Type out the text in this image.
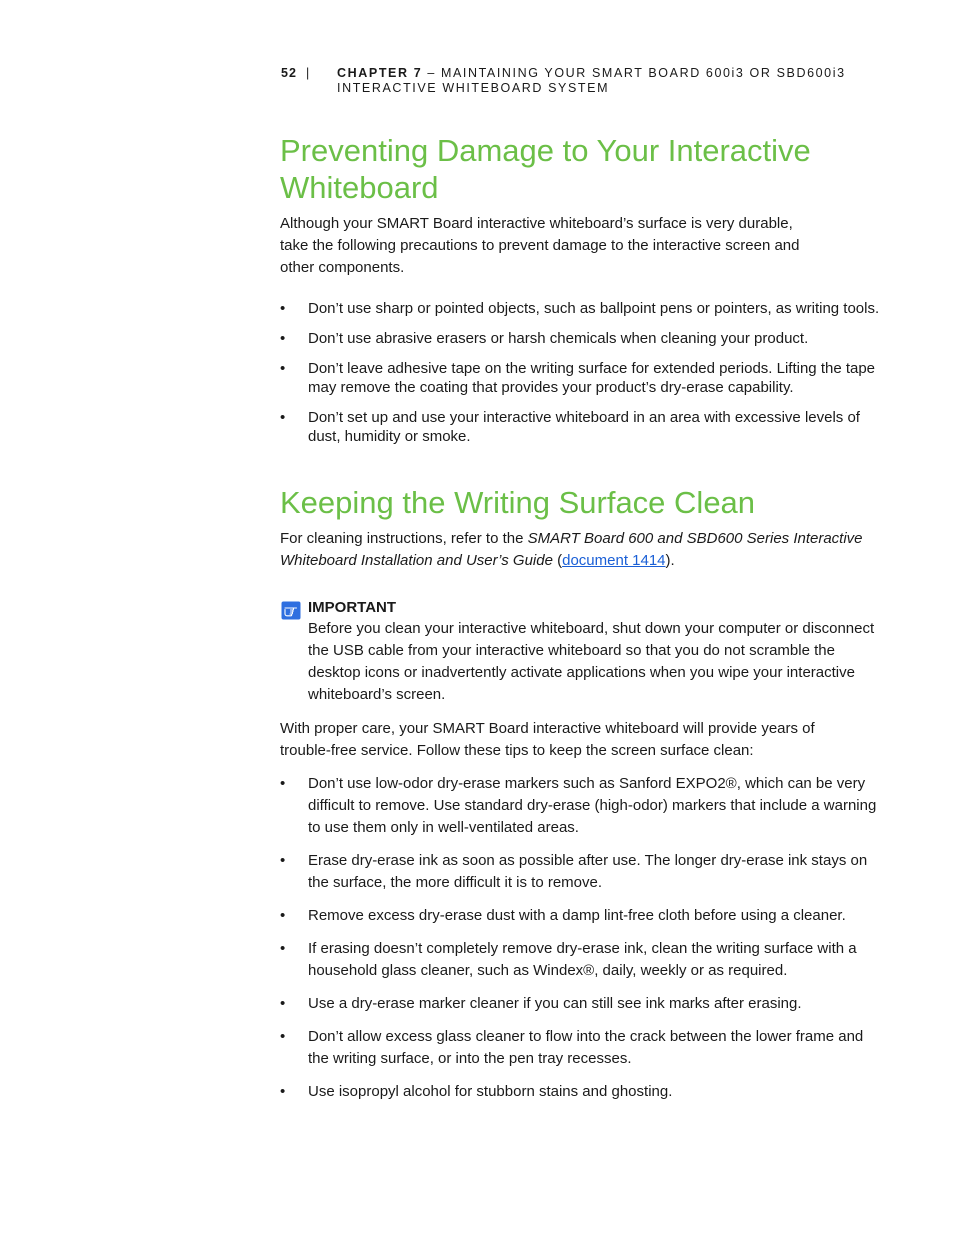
52 | CHAPTER 7 – MAINTAINING YOUR SMART BOARD 600i3 OR SBD600i3
INTERACTIVE WHITEBOARD SYSTEM
Preventing Damage to Your Interactive Whiteboard

Although your SMART Board interactive whiteboard’s surface is very durable, take the following precautions to prevent damage to the interactive screen and other components.

• Don’t use sharp or pointed objects, such as ballpoint pens or pointers, as writing tools.
• Don’t use abrasive erasers or harsh chemicals when cleaning your product.
• Don’t leave adhesive tape on the writing surface for extended periods. Lifting the tape may remove the coating that provides your product’s dry-erase capability.
• Don’t set up and use your interactive whiteboard in an area with excessive levels of dust, humidity or smoke.
Keeping the Writing Surface Clean

For cleaning instructions, refer to the SMART Board 600 and SBD600 Series Interactive Whiteboard Installation and User’s Guide (document 1414).

IMPORTANT

Before you clean your interactive whiteboard, shut down your computer or disconnect the USB cable from your interactive whiteboard so that you do not scramble the desktop icons or inadvertently activate applications when you wipe your interactive whiteboard’s screen.

With proper care, your SMART Board interactive whiteboard will provide years of trouble-free service. Follow these tips to keep the screen surface clean:

• Don’t use low-odor dry-erase markers such as Sanford EXPO2®, which can be very difficult to remove. Use standard dry-erase (high-odor) markers that include a warning to use them only in well-ventilated areas.
• Erase dry-erase ink as soon as possible after use. The longer dry-erase ink stays on the surface, the more difficult it is to remove.
• Remove excess dry-erase dust with a damp lint-free cloth before using a cleaner.
• If erasing doesn’t completely remove dry-erase ink, clean the writing surface with a household glass cleaner, such as Windex®, daily, weekly or as required.
• Use a dry-erase marker cleaner if you can still see ink marks after erasing.
• Don’t allow excess glass cleaner to flow into the crack between the lower frame and the writing surface, or into the pen tray recesses.
• Use isopropyl alcohol for stubborn stains and ghosting.
